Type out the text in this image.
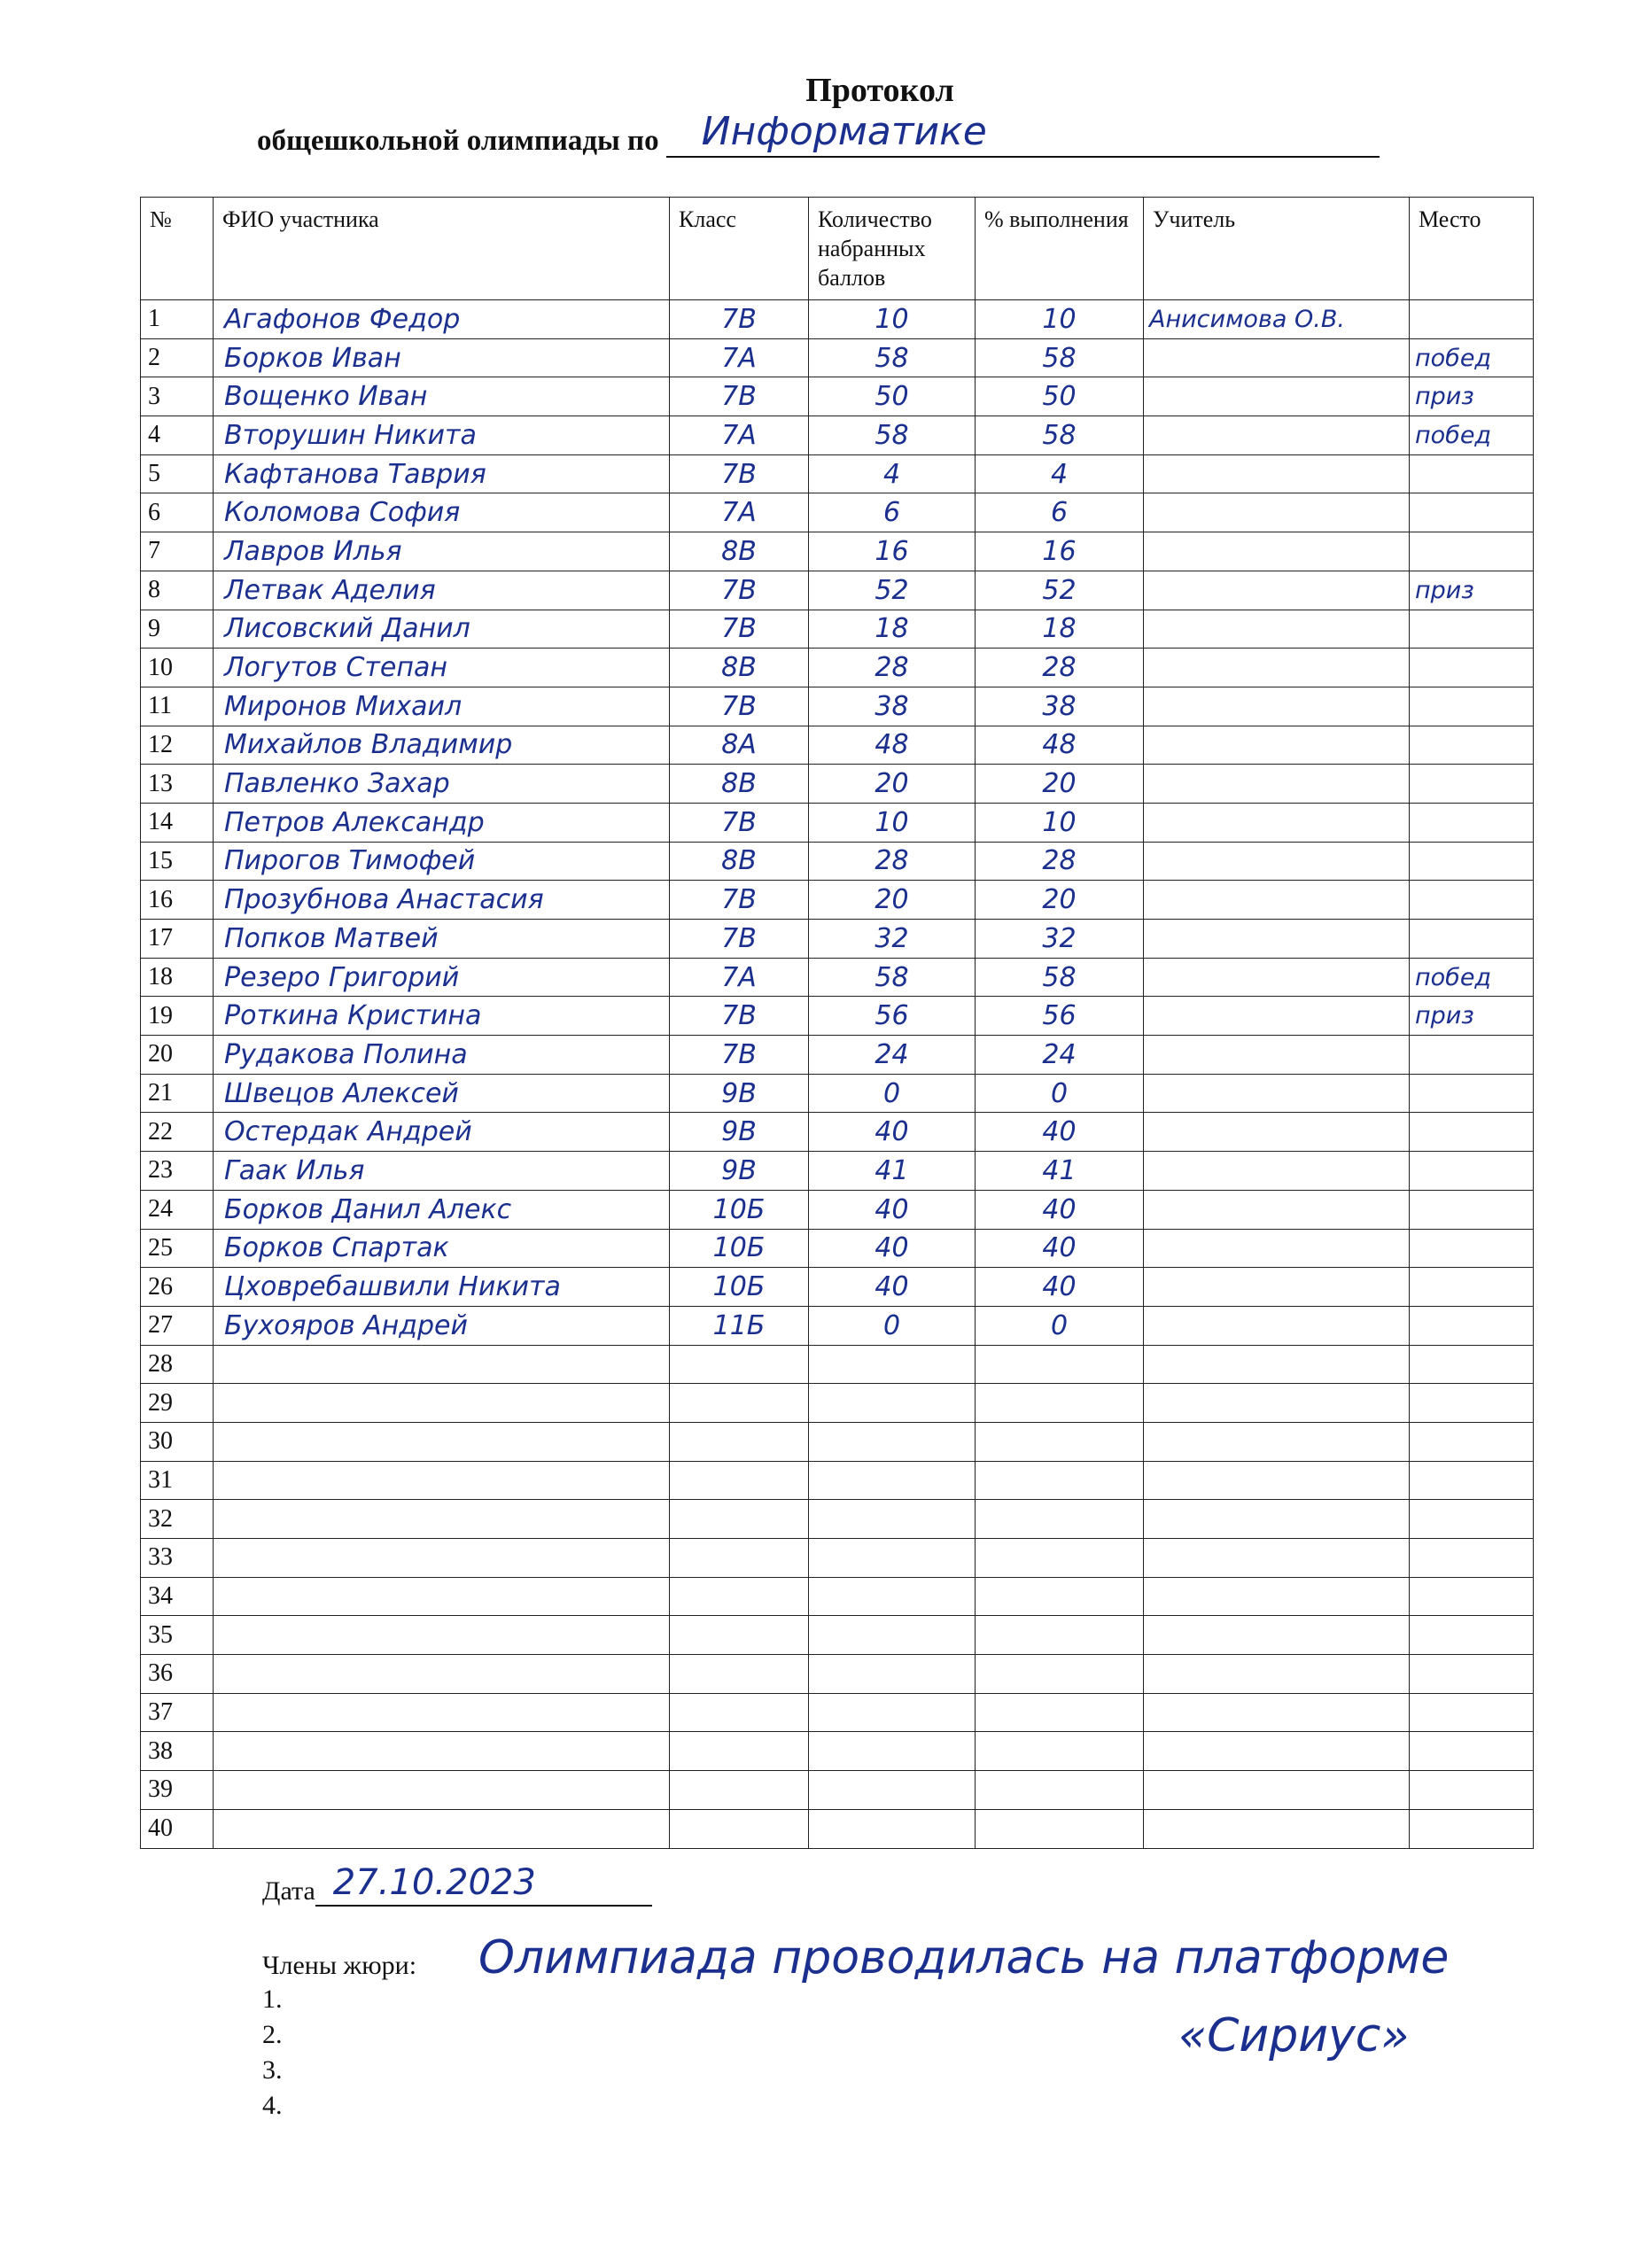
Протокол
общешкольной олимпиады по Информатике
№	ФИО участника	Класс	Количество набранных баллов	% выполнения	Учитель	Место
1	Агафонов Федор	7В	10	10	Анисимова О.В.	
2	Борков Иван	7А	58	58		побед
3	Вощенко Иван	7В	50	50		приз
4	Вторушин Никита	7А	58	58		побед
5	Кафтанова Таврия	7В	4	4		
6	Коломова София	7А	6	6		
7	Лавров Илья	8В	16	16		
8	Летвак Аделия	7В	52	52		приз
9	Лисовский Данил	7В	18	18		
10	Логутов Степан	8В	28	28		
11	Миронов Михаил	7В	38	38		
12	Михайлов Владимир	8А	48	48		
13	Павленко Захар	8В	20	20		
14	Петров Александр	7В	10	10		
15	Пирогов Тимофей	8В	28	28		
16	Прозубнова Анастасия	7В	20	20		
17	Попков Матвей	7В	32	32		
18	Резеро Григорий	7А	58	58		побед
19	Роткина Кристина	7В	56	56		приз
20	Рудакова Полина	7В	24	24		
21	Швецов Алексей	9В	0	0		
22	Остердак Андрей	9В	40	40		
23	Гаак Илья	9В	41	41		
24	Борков Данил Алекс	10Б	40	40		
25	Борков Спартак	10Б	40	40		
26	Цховребашвили Никита	10Б	40	40		
27	Бухояров Андрей	11Б	0	0		
28						
29						
30						
31						
32						
33						
34						
35						
36						
37						
38						
39						
40						
Дата 27.10.2023
Члены жюри:
1.
2.
3.
4.
Олимпиада проводилась на платформе
«Сириус»
